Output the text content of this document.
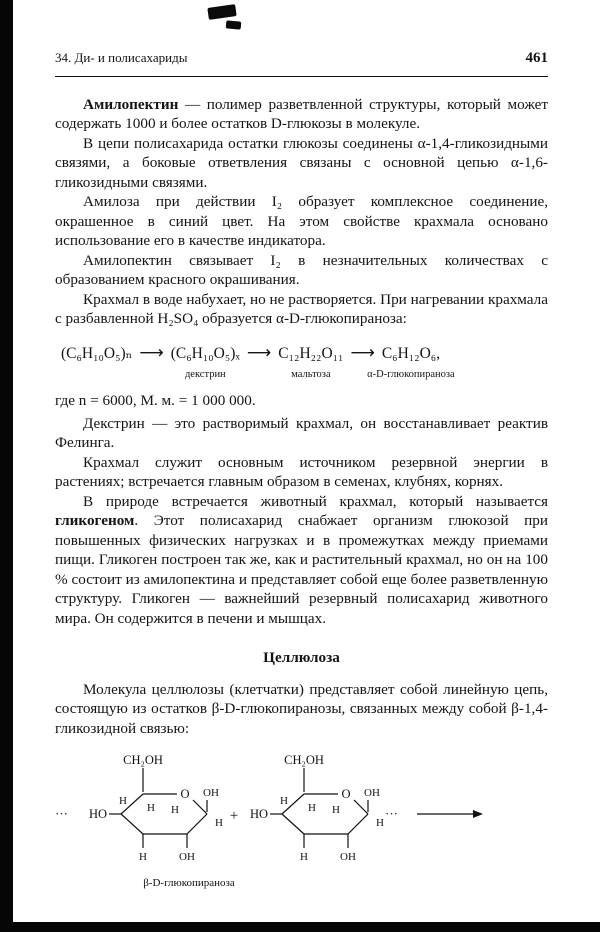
34. Ди- и полисахариды	461

Амилопектин — полимер разветвленной структуры, который может содержать 1000 и более остатков D-глюкозы в молекуле.

В цепи полисахарида остатки глюкозы соединены α-1,4-гликозидными связями, а боковые ответвления связаны с основной цепью α-1,6-гликозидными связями.

Амилоза при действии I₂ образует комплексное соединение, окрашенное в синий цвет. На этом свойстве крахмала основано использование его в качестве индикатора.

Амилопектин связывает I₂ в незначительных количествах с образованием красного окрашивания.

Крахмал в воде набухает, но не растворяется. При нагревании крахмала с разбавленной H₂SO₄ образуется α-D-глюкопираноза:

(C₆H₁₀O₅)ₙ ⟶ (C₆H₁₀O₅)ₓ
декстрин
⟶ C₁₂H₂₂O₁₁
мальтоза
⟶ C₆H₁₂O₆,
α-D-глюкопираноза

где n = 6000, М. м. = 1 000 000.

Декстрин — это растворимый крахмал, он восстанавливает реактив Фелинга.

Крахмал служит основным источником резервной энергии в растениях; встречается главным образом в семенах, клубнях, корнях.

В природе встречается животный крахмал, который называется гликогеном. Этот полисахарид снабжает организм глюкозой при повышенных физических нагрузках и в промежутках между приемами пищи. Гликоген построен так же, как и растительный крахмал, но он на 100 % состоит из амилопектина и представляет собой еще более разветвленную структуру. Гликоген — важнейший резервный полисахарид животного мира. Он содержится в печени и мышцах.

Целлюлоза

Молекула целлюлозы (клетчатки) представляет собой линейную цепь, состоящую из остатков β-D-глюкопиранозы, связанных между собой β-1,4-гликозидной связью:

···
CH₂OH
O OH
H
HO
H
H H
H	OH
+
CH₂OH
O OH
H
HO
H
H H
H	OH
···
β-D-глюкопираноза
